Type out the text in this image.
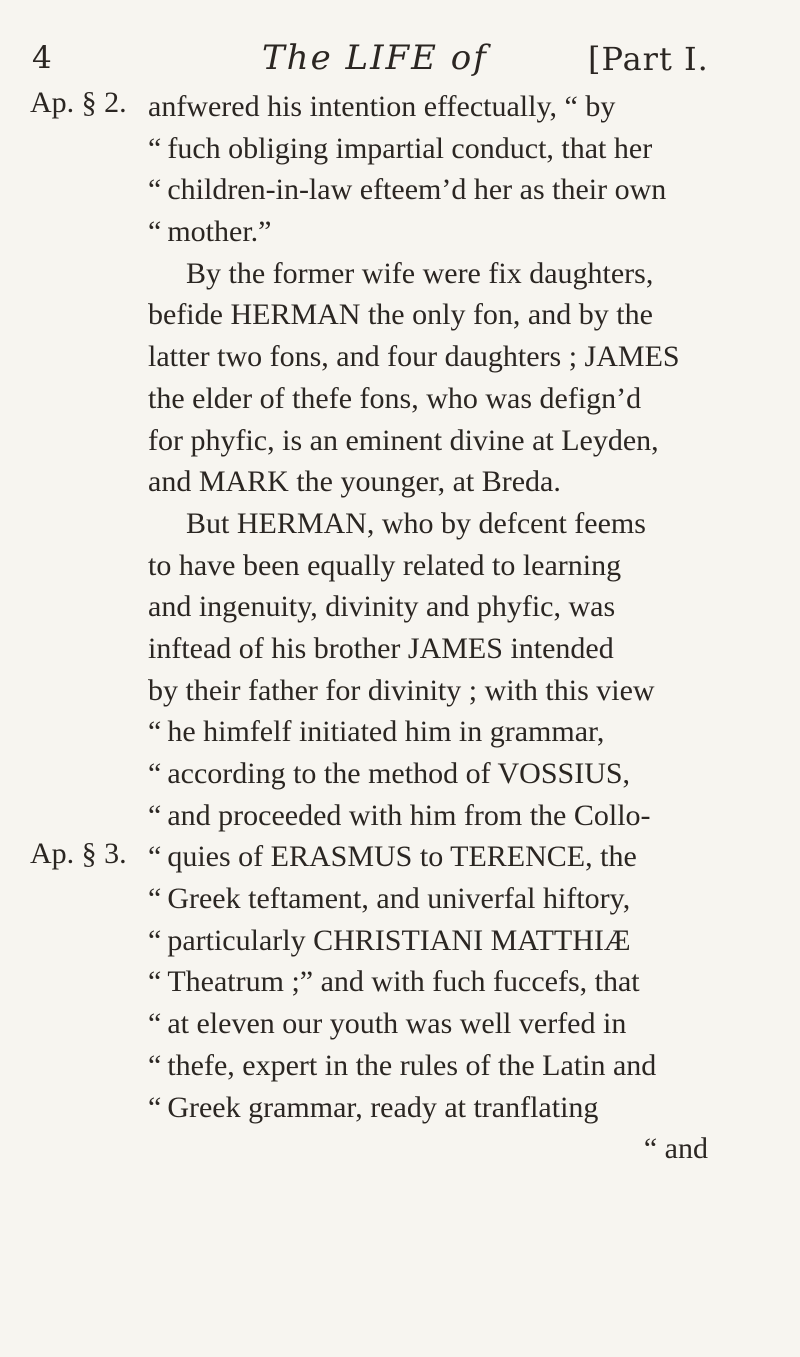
4	The LIFE of	[Part I.
Ap. § 2.
Ap. § 3.
anfwered his intention effectually, “ by
“ fuch obliging impartial conduct, that her
“ children-in-law efteem’d her as their own
“ mother.”
By the former wife were fix daughters,
befide HERMAN the only fon, and by the
latter two fons, and four daughters ; JAMES
the elder of thefe fons, who was defign’d
for phyfic, is an eminent divine at Leyden,
and MARK the younger, at Breda.
But HERMAN, who by defcent feems
to have been equally related to learning
and ingenuity, divinity and phyfic, was
inftead of his brother JAMES intended
by their father for divinity ; with this view
“ he himfelf initiated him in grammar,
“ according to the method of VOSSIUS,
“ and proceeded with him from the Collo-
“ quies of ERASMUS to TERENCE, the
“ Greek teftament, and univerfal hiftory,
“ particularly CHRISTIANI MATTHIÆ
“ Theatrum ;” and with fuch fuccefs, that
“ at eleven our youth was well verfed in
“ thefe, expert in the rules of the Latin and
“ Greek grammar, ready at tranflating
“ and
